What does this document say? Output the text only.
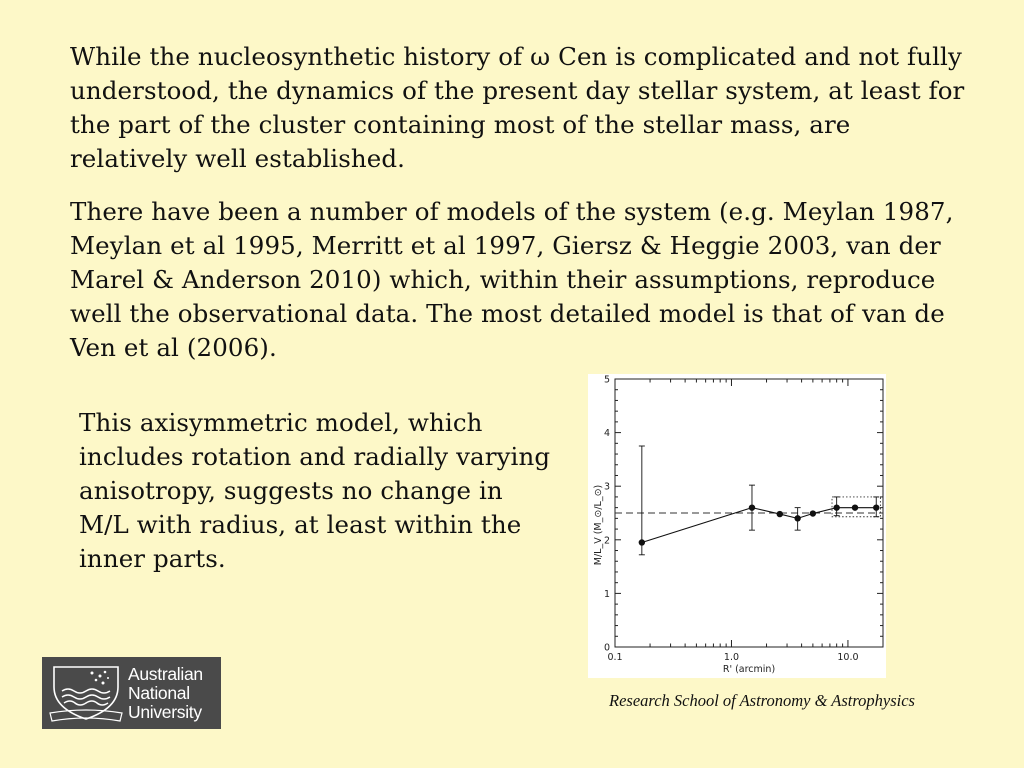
While the nucleosynthetic history of ω Cen is complicated and not fully understood, the dynamics of the present day stellar system, at least for the part of the cluster containing most of the stellar mass, are relatively well established.

There have been a number of models of the system (e.g. Meylan 1987, Meylan et al 1995, Merritt et al 1997, Giersz & Heggie 2003, van der Marel & Anderson 2010) which, within their assumptions, reproduce well the observational data. The most detailed model is that of van de Ven et al (2006).

This axisymmetric model, which includes rotation and radially varying anisotropy, suggests no change in M/L with radius, at least within the inner parts.

0
1
2
3
4
5
0.1	1.0	10.0
R' (arcmin)
M/L_V (M_⊙/L_⊙)

Australian
National
University

Research School of Astronomy & Astrophysics
